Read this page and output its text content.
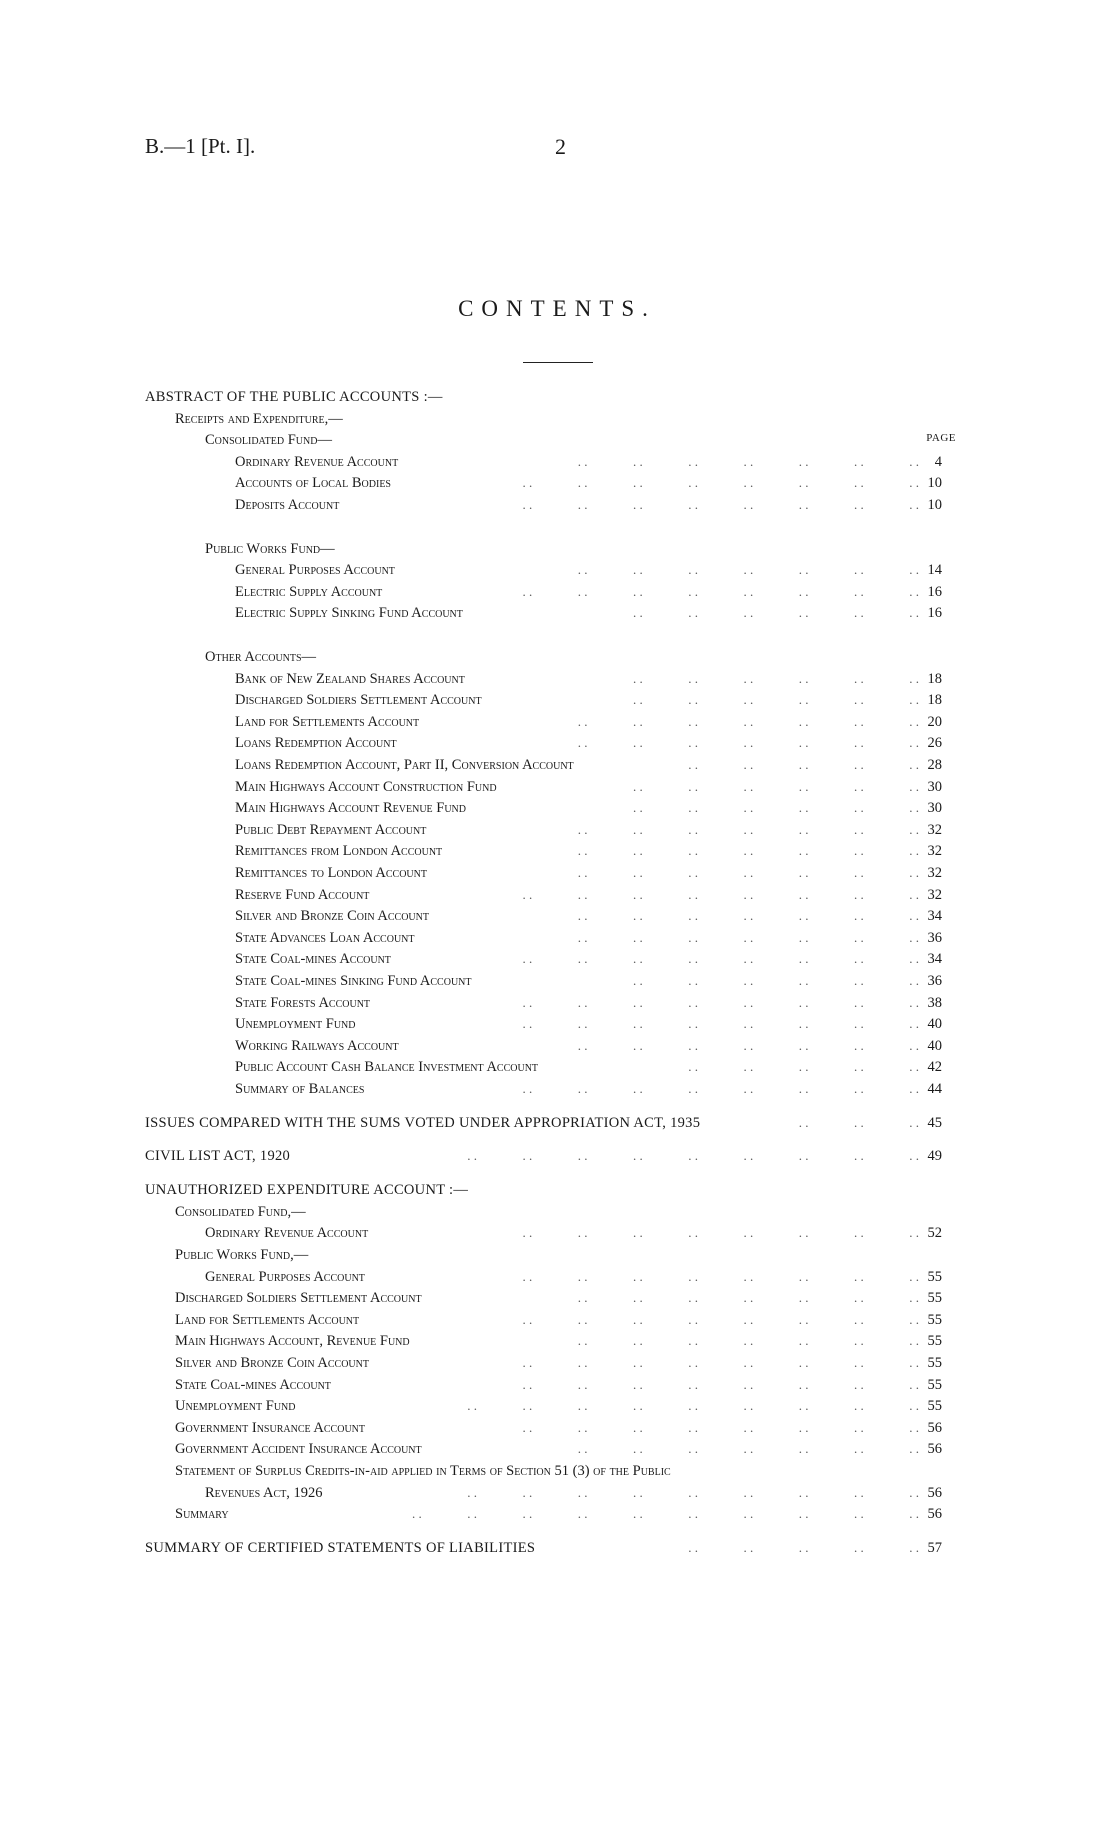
B.—1 [Pt. I].	2
CONTENTS.
PAGE
ABSTRACT OF THE PUBLIC ACCOUNTS :—
Receipts and Expenditure,—
Consolidated Fund—
Ordinary Revenue Account	. .    . .    . .    . .    . .    . .    . .	4
Accounts of Local Bodies	. .    . .    . .    . .    . .    . .    . .    . . 10
Deposits Account	. .    . .    . .    . .    . .    . .    . .    . . 10
Public Works Fund—
General Purposes Account	. .    . .    . .    . .    . .    . .    . . 14
Electric Supply Account	. .    . .    . .    . .    . .    . .    . .    . . 16
Electric Supply Sinking Fund Account	. .    . .    . .    . .    . .    . . 16
Other Accounts—
Bank of New Zealand Shares Account	. .    . .    . .    . .    . .    . . 18
Discharged Soldiers Settlement Account	. .    . .    . .    . .    . .    . . 18
Land for Settlements Account	. .    . .    . .    . .    . .    . .    . . 20
Loans Redemption Account	. .    . .    . .    . .    . .    . .    . . 26
Loans Redemption Account, Part II, Conversion Account	. .    . .    . .    . .    . . 28
Main Highways Account Construction Fund	. .    . .    . .    . .    . .    . . 30
Main Highways Account Revenue Fund	. .    . .    . .    . .    . .    . . 30
Public Debt Repayment Account	. .    . .    . .    . .    . .    . .    . . 32
Remittances from London Account	. .    . .    . .    . .    . .    . .    . . 32
Remittances to London Account	. .    . .    . .    . .    . .    . .    . . 32
Reserve Fund Account	. .    . .    . .    . .    . .    . .    . .    . . 32
Silver and Bronze Coin Account	. .    . .    . .    . .    . .    . .    . . 34
State Advances Loan Account	. .    . .    . .    . .    . .    . .    . . 36
State Coal-mines Account	. .    . .    . .    . .    . .    . .    . .    . . 34
State Coal-mines Sinking Fund Account	. .    . .    . .    . .    . .    . . 36
State Forests Account	. .    . .    . .    . .    . .    . .    . .    . . 38
Unemployment Fund	. .    . .    . .    . .    . .    . .    . .    . . 40
Working Railways Account	. .    . .    . .    . .    . .    . .    . . 40
Public Account Cash Balance Investment Account	. .    . .    . .    . .    . . 42
Summary of Balances	. .    . .    . .    . .    . .    . .    . .    . . 44
ISSUES COMPARED WITH THE SUMS VOTED UNDER APPROPRIATION ACT, 1935	. .    . .    . . 45
CIVIL LIST ACT, 1920	. .    . .    . .    . .    . .    . .    . .    . .    . . 49
UNAUTHORIZED EXPENDITURE ACCOUNT :—
Consolidated Fund,—
Ordinary Revenue Account	. .    . .    . .    . .    . .    . .    . .    . . 52
Public Works Fund,—
General Purposes Account	. .    . .    . .    . .    . .    . .    . .    . . 55
Discharged Soldiers Settlement Account	. .    . .    . .    . .    . .    . .    . . 55
Land for Settlements Account	. .    . .    . .    . .    . .    . .    . .    . . 55
Main Highways Account, Revenue Fund	. .    . .    . .    . .    . .    . .    . . 55
Silver and Bronze Coin Account	. .    . .    . .    . .    . .    . .    . .    . . 55
State Coal-mines Account	. .    . .    . .    . .    . .    . .    . .    . . 55
Unemployment Fund	. .    . .    . .    . .    . .    . .    . .    . .    . . 55
Government Insurance Account	. .    . .    . .    . .    . .    . .    . .    . . 56
Government Accident Insurance Account	. .    . .    . .    . .    . .    . .    . . 56
Statement of Surplus Credits-in-aid applied in Terms of Section 51 (3) of the Public
Revenues Act, 1926	. .    . .    . .    . .    . .    . .    . .    . .    . . 56
Summary	. .    . .    . .    . .    . .    . .    . .    . .    . .    . . 56
SUMMARY OF CERTIFIED STATEMENTS OF LIABILITIES	. .    . .    . .    . .    . . 57
